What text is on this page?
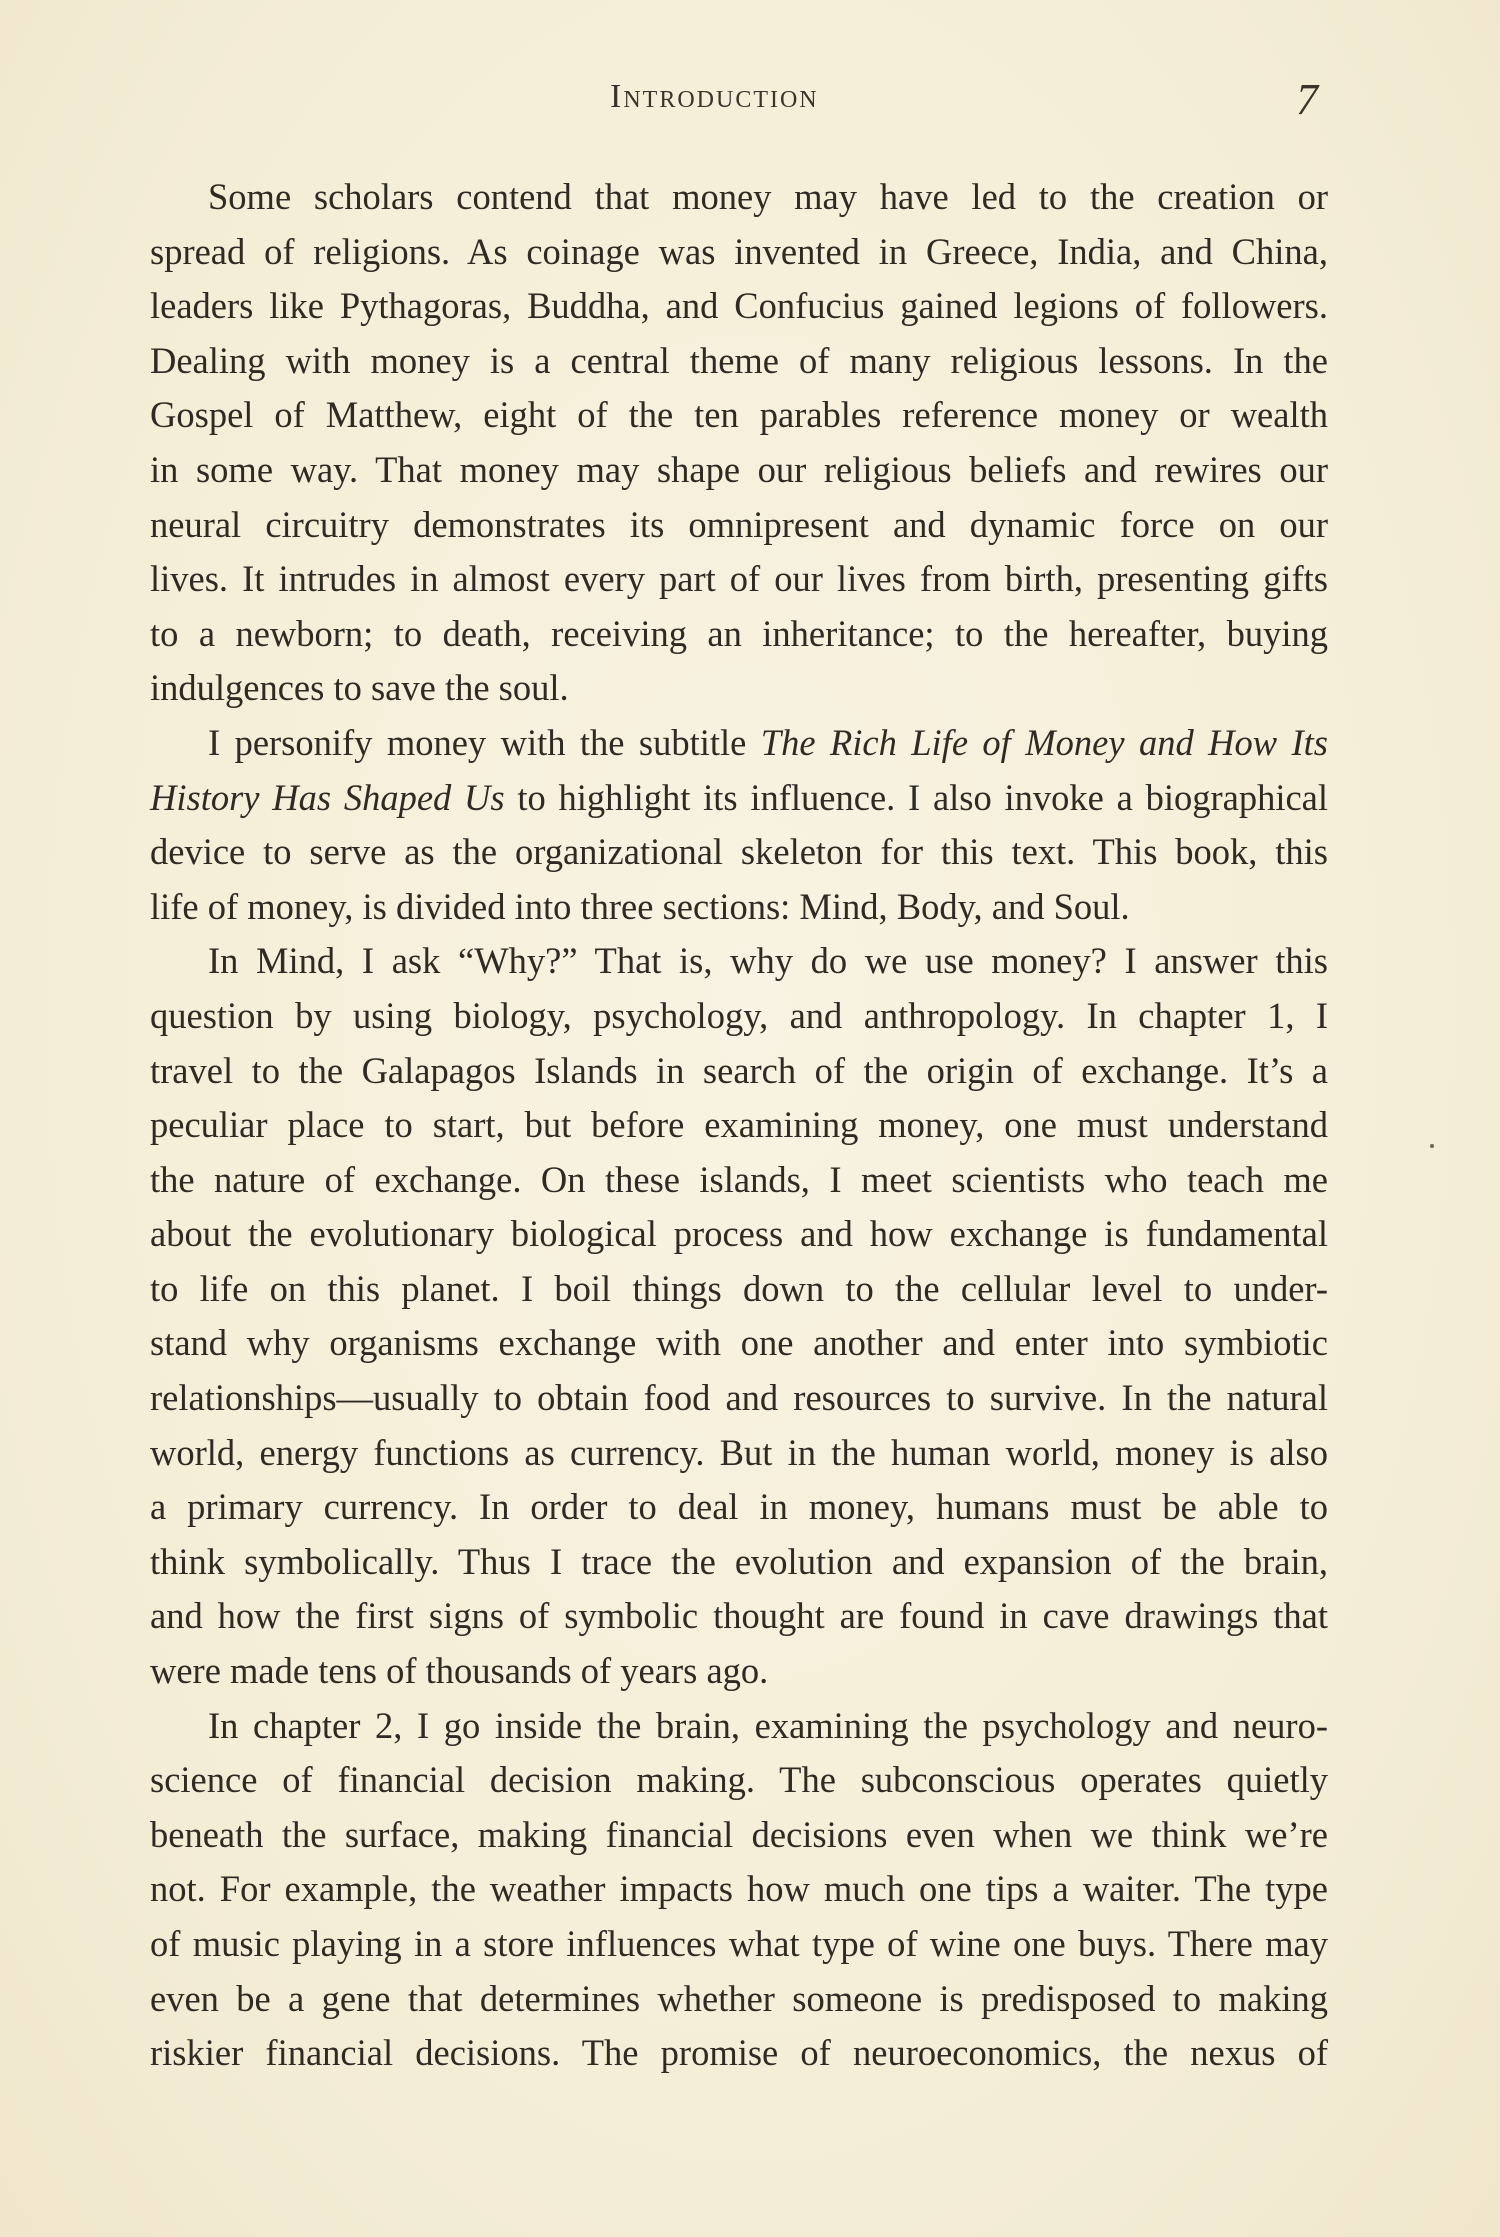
Introduction	7
Some scholars contend that money may have led to the creation or
spread of religions. As coinage was invented in Greece, India, and China,
leaders like Pythagoras, Buddha, and Confucius gained legions of followers.
Dealing with money is a central theme of many religious lessons. In the
Gospel of Matthew, eight of the ten parables reference money or wealth
in some way. That money may shape our religious beliefs and rewires our
neural circuitry demonstrates its omnipresent and dynamic force on our
lives. It intrudes in almost every part of our lives from birth, presenting gifts
to a newborn; to death, receiving an inheritance; to the hereafter, buying
indulgences to save the soul.
I personify money with the subtitle The Rich Life of Money and How Its
History Has Shaped Us to highlight its influence. I also invoke a biographical
device to serve as the organizational skeleton for this text. This book, this
life of money, is divided into three sections: Mind, Body, and Soul.
In Mind, I ask “Why?” That is, why do we use money? I answer this
question by using biology, psychology, and anthropology. In chapter 1, I
travel to the Galapagos Islands in search of the origin of exchange. It’s a
peculiar place to start, but before examining money, one must understand
the nature of exchange. On these islands, I meet scientists who teach me
about the evolutionary biological process and how exchange is fundamental
to life on this planet. I boil things down to the cellular level to under-
stand why organisms exchange with one another and enter into symbiotic
relationships—usually to obtain food and resources to survive. In the natural
world, energy functions as currency. But in the human world, money is also
a primary currency. In order to deal in money, humans must be able to
think symbolically. Thus I trace the evolution and expansion of the brain,
and how the first signs of symbolic thought are found in cave drawings that
were made tens of thousands of years ago.
In chapter 2, I go inside the brain, examining the psychology and neuro-
science of financial decision making. The subconscious operates quietly
beneath the surface, making financial decisions even when we think we’re
not. For example, the weather impacts how much one tips a waiter. The type
of music playing in a store influences what type of wine one buys. There may
even be a gene that determines whether someone is predisposed to making
riskier financial decisions. The promise of neuroeconomics, the nexus of
